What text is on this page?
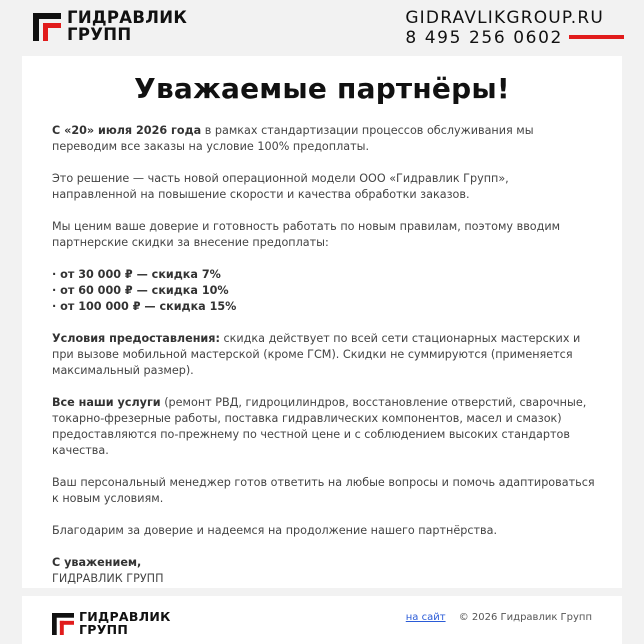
ГИДРАВЛИК
ГРУПП
GIDRAVLIKGROUP.RU
8 495 256 0602
Уважаемые партнёры!

С «20» июля 2026 года в рамках стандартизации процессов обслуживания мы переводим все заказы на условие 100% предоплаты.

Это решение — часть новой операционной модели ООО «Гидравлик Групп», направленной на повышение скорости и качества обработки заказов.

Мы ценим ваше доверие и готовность работать по новым правилам, поэтому вводим партнерские скидки за внесение предоплаты:

· от 30 000 ₽ — скидка 7%
· от 60 000 ₽ — скидка 10%
· от 100 000 ₽ — скидка 15%

Условия предоставления: скидка действует по всей сети стационарных мастерских и при вызове мобильной мастерской (кроме ГСМ). Скидки не суммируются (применяется максимальный размер).

Все наши услуги (ремонт РВД, гидроцилиндров, восстановление отверстий, сварочные, токарно-фрезерные работы, поставка гидравлических компонентов, масел и смазок) предоставляются по-прежнему по честной цене и с соблюдением высоких стандартов качества.

Ваш персональный менеджер готов ответить на любые вопросы и помочь адаптироваться к новым условиям.

Благодарим за доверие и надеемся на продолжение нашего партнёрства.

С уважением,
ГИДРАВЛИК ГРУПП
ГИДРАВЛИК
ГРУПП
на сайт © 2026 Гидравлик Групп
